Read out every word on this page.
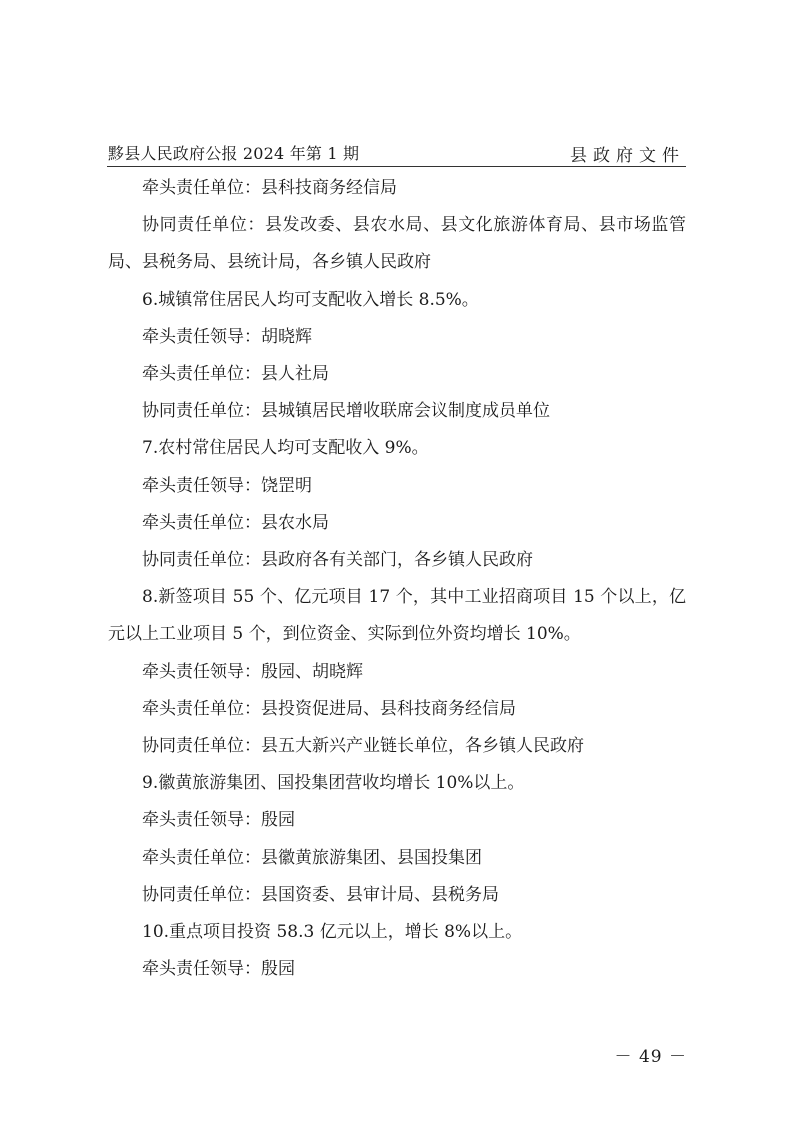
黟县人民政府公报 2024 年第 1 期	县政府文件

牵头责任单位：县科技商务经信局

协同责任单位：县发改委、县农水局、县文化旅游体育局、县市场监管局、县税务局、县统计局，各乡镇人民政府

6.城镇常住居民人均可支配收入增长 8.5%。

牵头责任领导：胡晓辉

牵头责任单位：县人社局

协同责任单位：县城镇居民增收联席会议制度成员单位

7.农村常住居民人均可支配收入 9%。

牵头责任领导：饶罡明

牵头责任单位：县农水局

协同责任单位：县政府各有关部门，各乡镇人民政府

8.新签项目 55 个、亿元项目 17 个，其中工业招商项目 15 个以上，亿元以上工业项目 5 个，到位资金、实际到位外资均增长 10%。

牵头责任领导：殷园、胡晓辉

牵头责任单位：县投资促进局、县科技商务经信局

协同责任单位：县五大新兴产业链长单位，各乡镇人民政府

9.徽黄旅游集团、国投集团营收均增长 10%以上。

牵头责任领导：殷园

牵头责任单位：县徽黄旅游集团、县国投集团

协同责任单位：县国资委、县审计局、县税务局

10.重点项目投资 58.3 亿元以上，增长 8%以上。

牵头责任领导：殷园

－ 49 －
